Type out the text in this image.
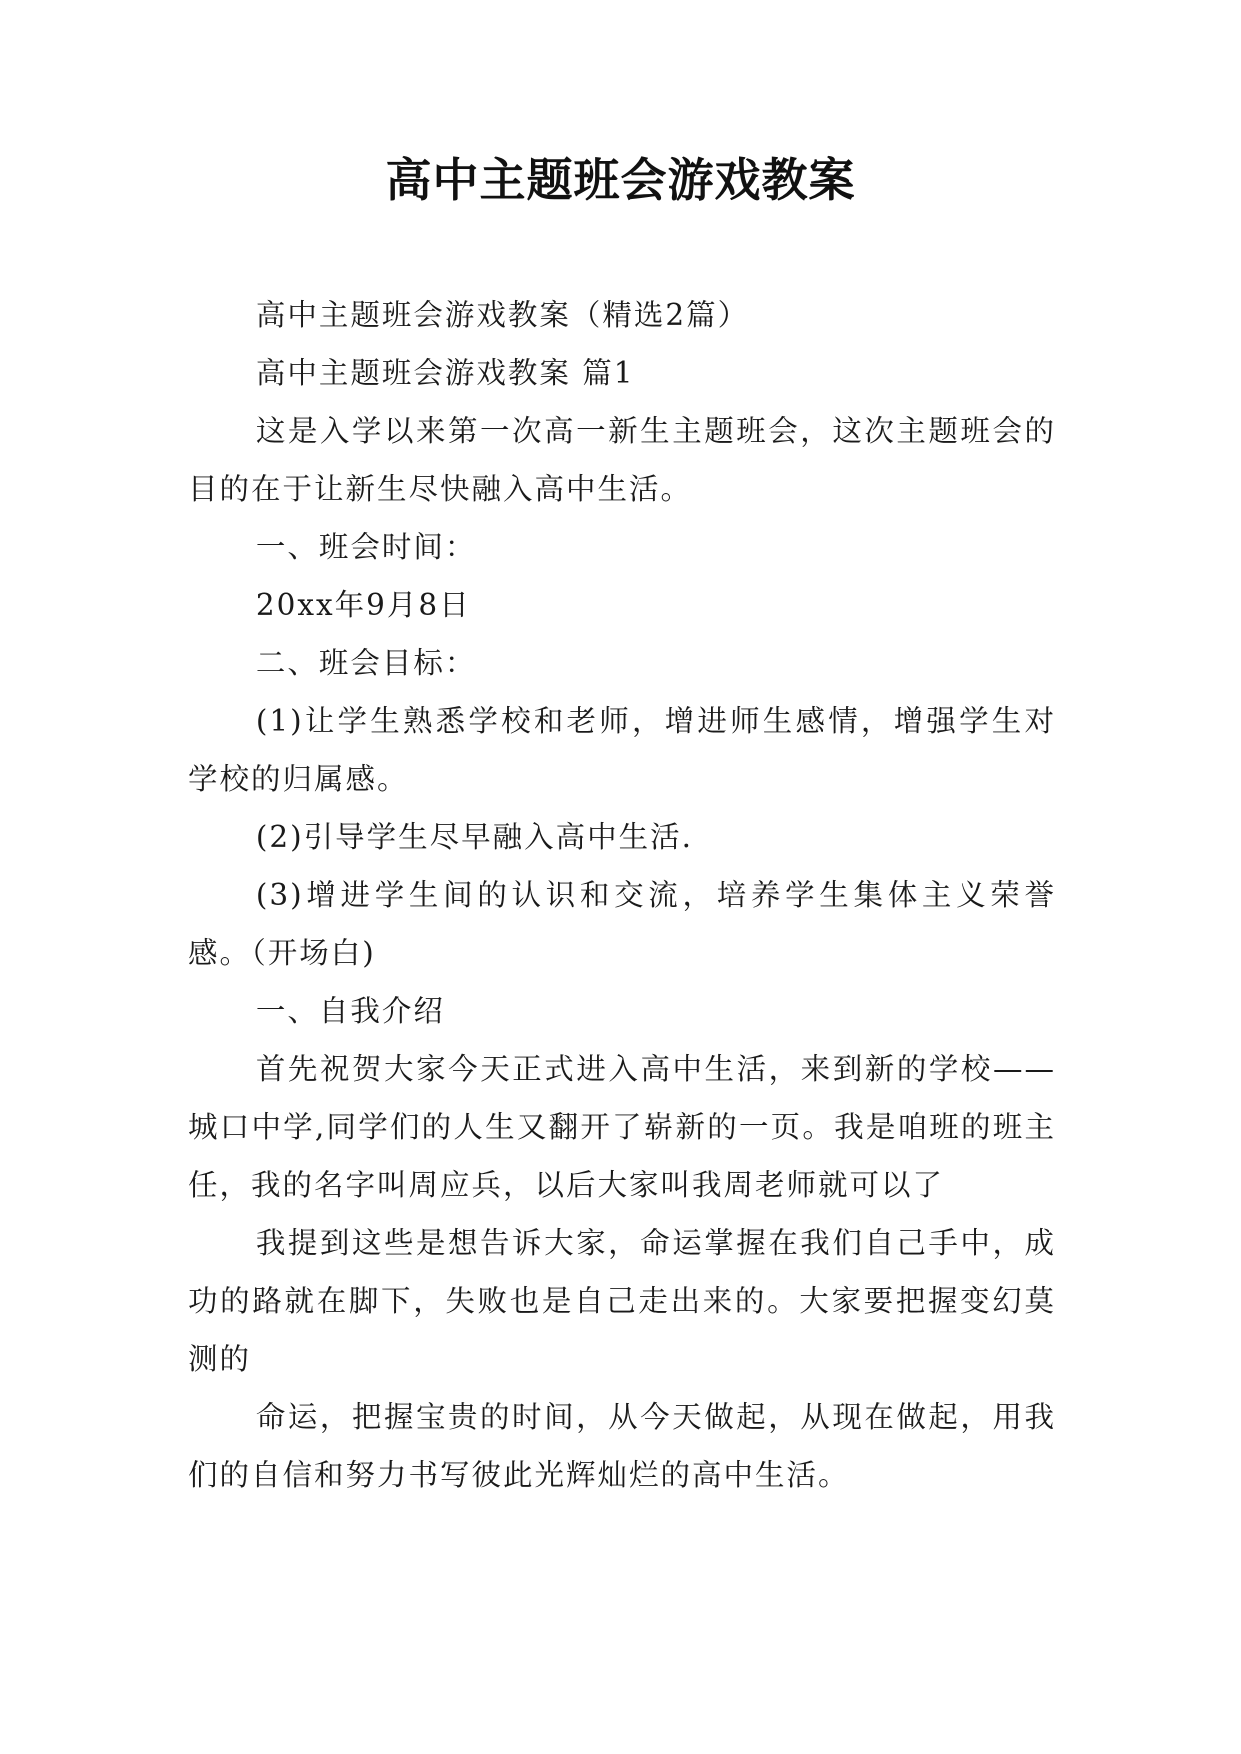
高中主题班会游戏教案

高中主题班会游戏教案（精选2篇）

高中主题班会游戏教案 篇1

这是入学以来第一次高一新生主题班会，这次主题班会的目的在于让新生尽快融入高中生活。

一、班会时间：

20xx年9月8日

二、班会目标：

(1)让学生熟悉学校和老师，增进师生感情，增强学生对学校的归属感。

(2)引导学生尽早融入高中生活.

(3)增进学生间的认识和交流，培养学生集体主义荣誉感。（开场白)

一、自我介绍

首先祝贺大家今天正式进入高中生活，来到新的学校——城口中学,同学们的人生又翻开了崭新的一页。我是咱班的班主任，我的名字叫周应兵，以后大家叫我周老师就可以了

我提到这些是想告诉大家，命运掌握在我们自己手中，成功的路就在脚下，失败也是自己走出来的。大家要把握变幻莫测的

命运，把握宝贵的时间，从今天做起，从现在做起，用我们的自信和努力书写彼此光辉灿烂的高中生活。
